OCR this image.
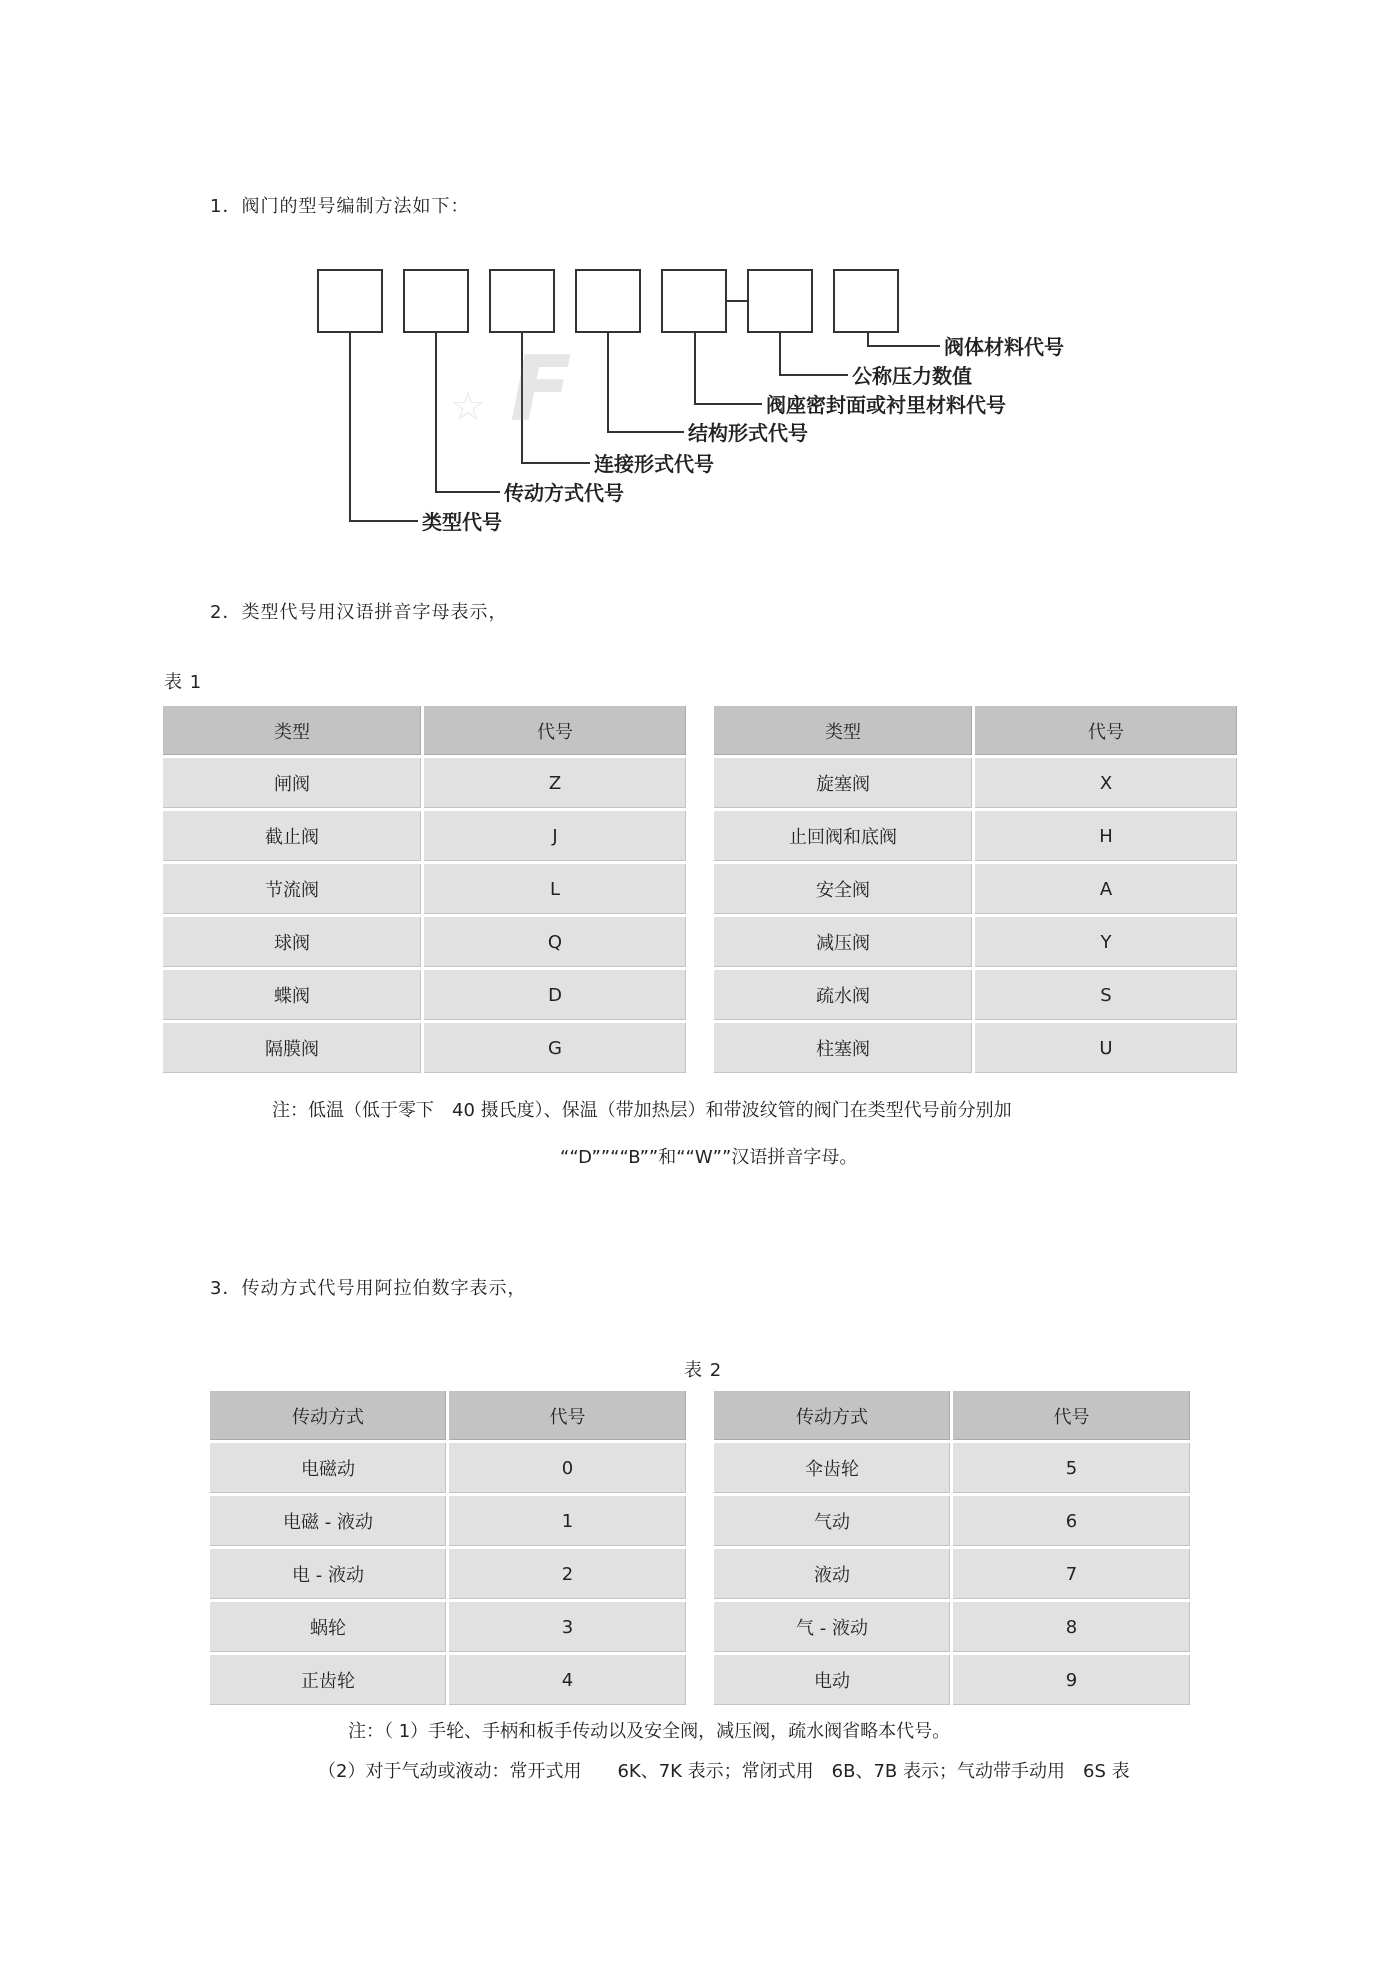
1．阀门的型号编制方法如下：
F
☆
阀体材料代号
公称压力数值
阀座密封面或衬里材料代号
结构形式代号
连接形式代号
传动方式代号
类型代号
2．类型代号用汉语拼音字母表示，
表 1
类型	代号
闸阀	Z
截止阀	J
节流阀	L
球阀	Q
蝶阀	D
隔膜阀	G
类型	代号
旋塞阀	X
止回阀和底阀	H
安全阀	A
减压阀	Y
疏水阀	S
柱塞阀	U
注：低温（低于零下　40 摄氏度）、保温（带加热层）和带波纹管的阀门在类型代号前分别加
““D””““B””和““W””汉语拼音字母。
3．传动方式代号用阿拉伯数字表示，
表 2
传动方式	代号
电磁动	0
电磁 - 液动	1
电 - 液动	2
蜗轮	3
正齿轮	4
传动方式	代号
伞齿轮	5
气动	6
液动	7
气 - 液动	8
电动	9
注：（ 1）手轮、手柄和板手传动以及安全阀，减压阀，疏水阀省略本代号。
（2）对于气动或液动：常开式用　　6K、7K 表示；常闭式用　6B、7B 表示；气动带手动用　6S 表
